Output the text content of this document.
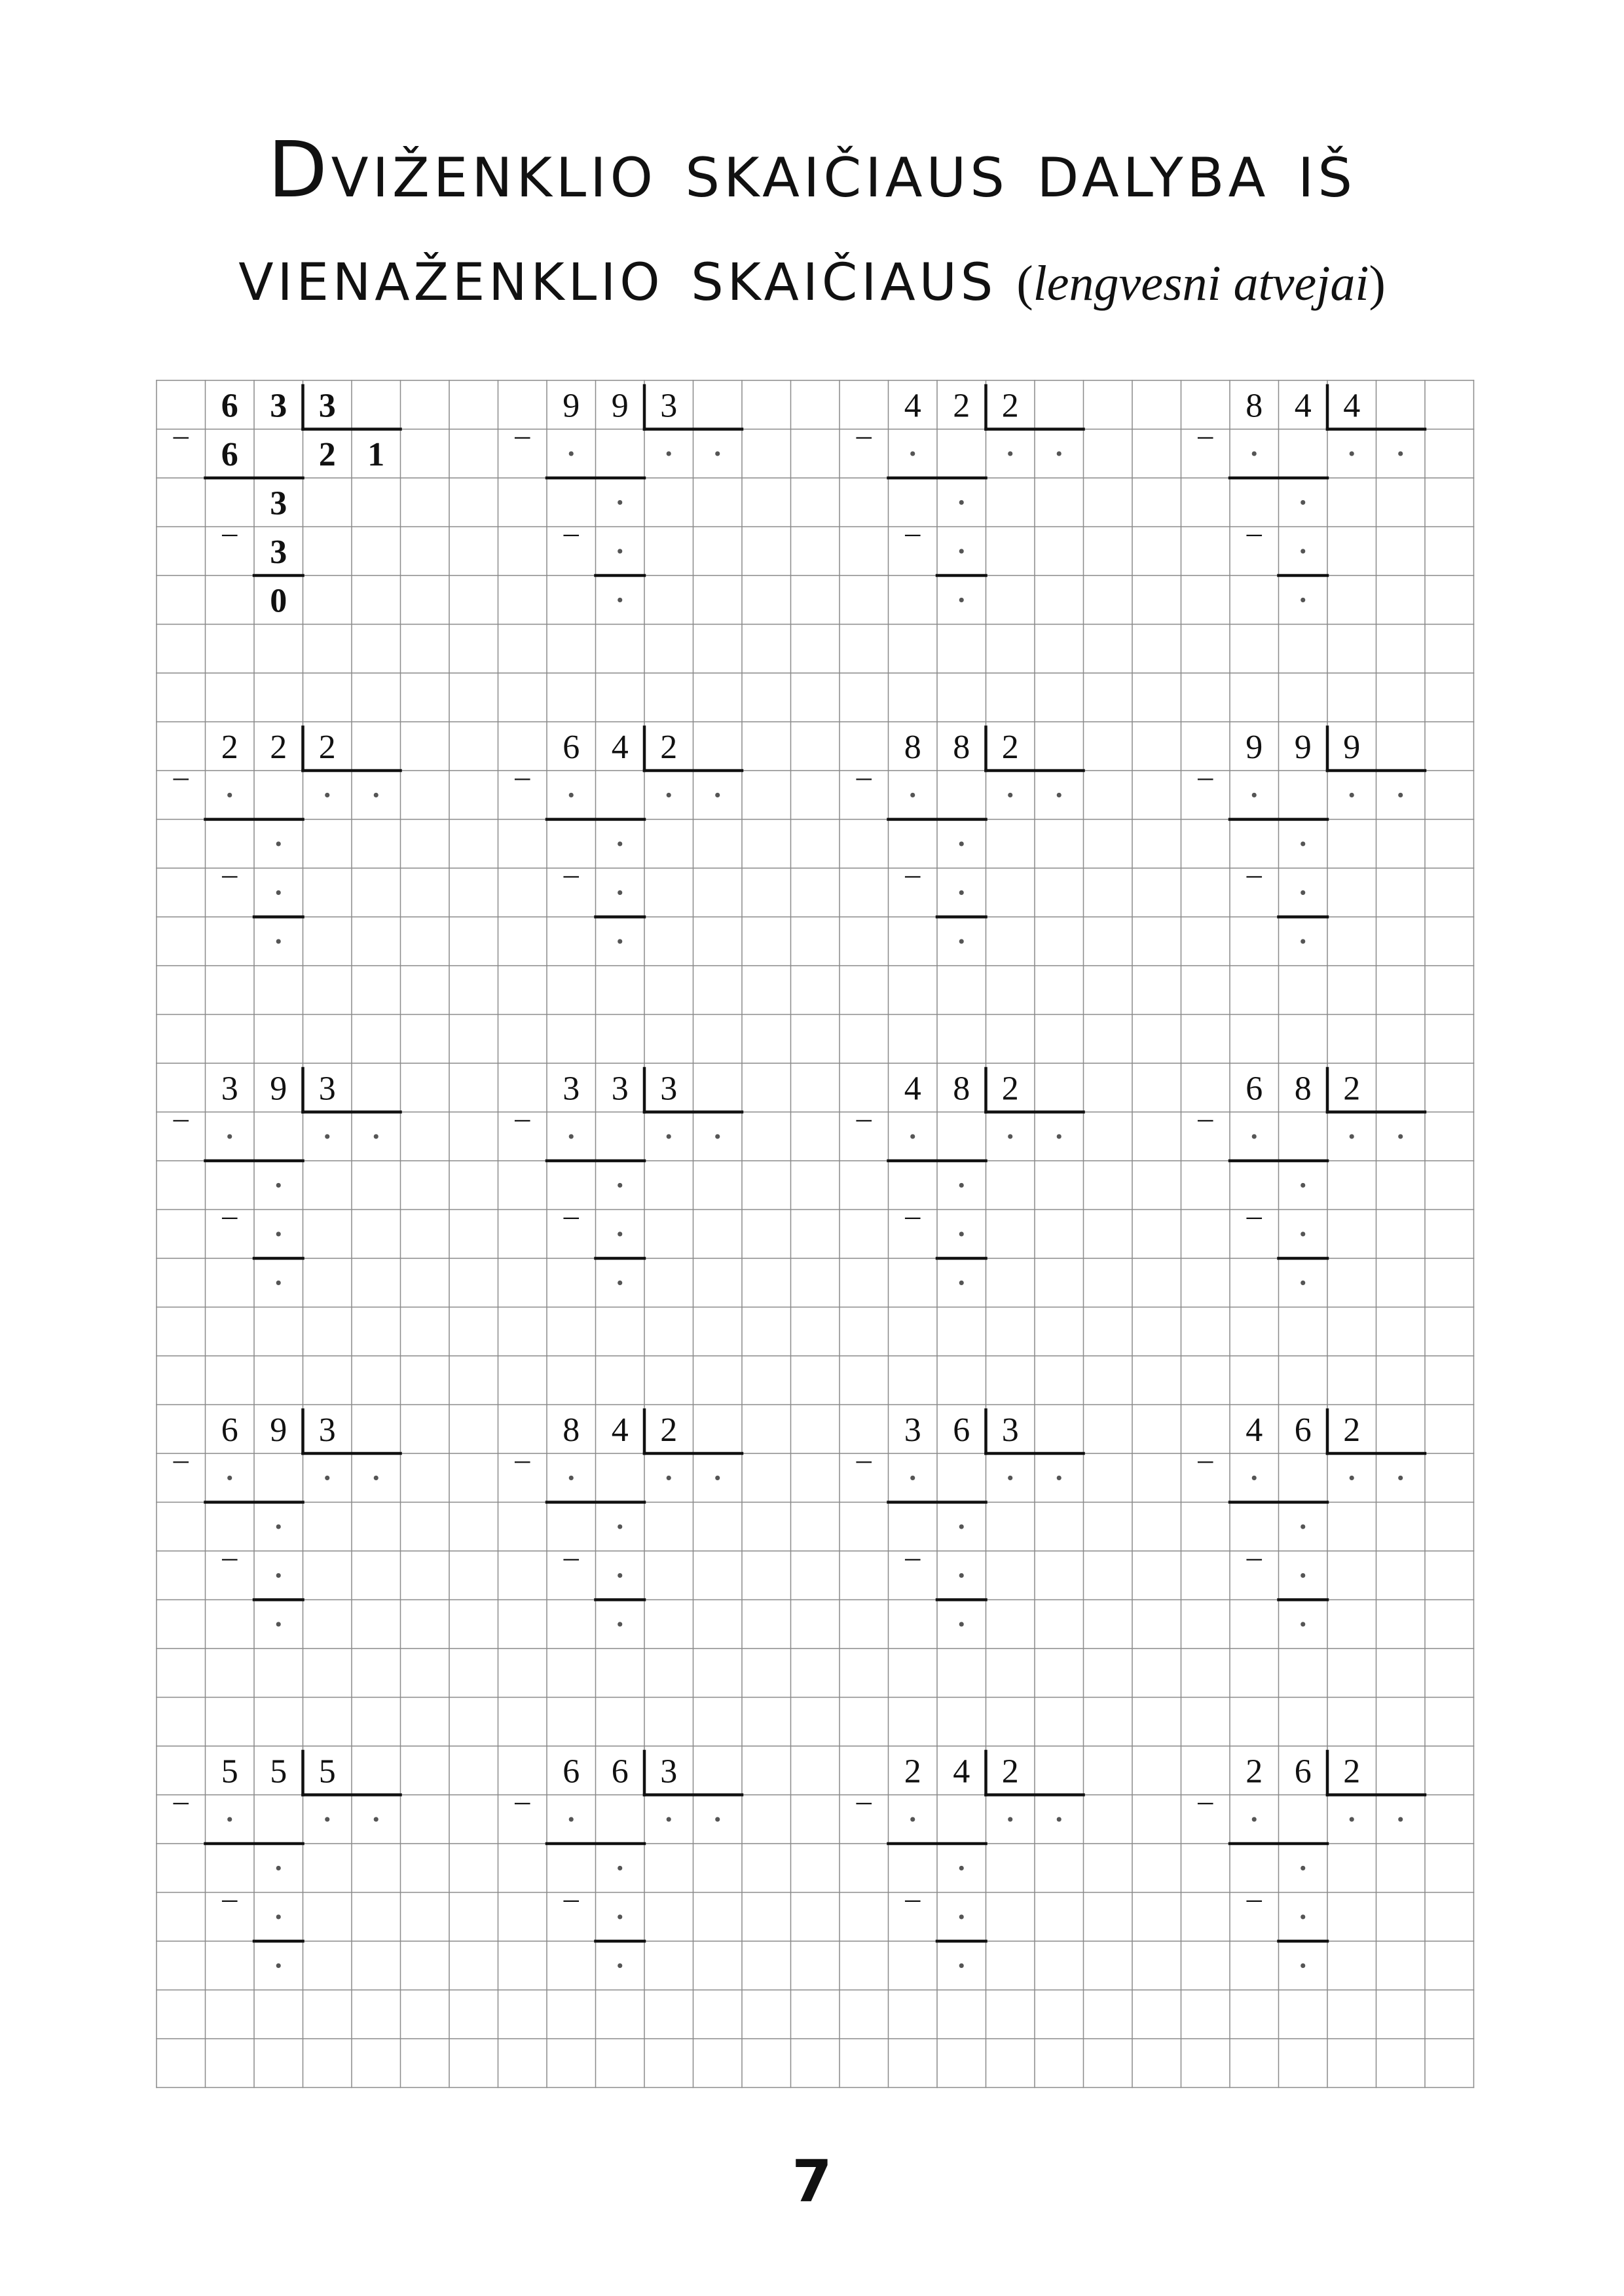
Dviženklio skaičiaus dalyba iš
vienaženklio skaičiaus (lengvesni atvejai)
–
–
6 3 3
6 2 1
3
3
0
–
–
9 9 3
· · ·
·
·
·
–
–
4 2 2
· · ·
·
·
·
–
–
8 4 4
· · ·
·
·
·
–
–
2 2 2
· · ·
·
·
·
–
–
6 4 2
· · ·
·
·
·
–
–
8 8 2
· · ·
·
·
·
–
–
9 9 9
· · ·
·
·
·
–
–
3 9 3
· · ·
·
·
·
–
–
3 3 3
· · ·
·
·
·
–
–
4 8 2
· · ·
·
·
·
–
–
6 8 2
· · ·
·
·
·
–
–
6 9 3
· · ·
·
·
·
–
–
8 4 2
· · ·
·
·
·
–
–
3 6 3
· · ·
·
·
·
–
–
4 6 2
· · ·
·
·
·
–
–
5 5 5
· · ·
·
·
·
–
–
6 6 3
· · ·
·
·
·
–
–
2 4 2
· · ·
·
·
·
–
–
2 6 2
· · ·
·
·
·
7
